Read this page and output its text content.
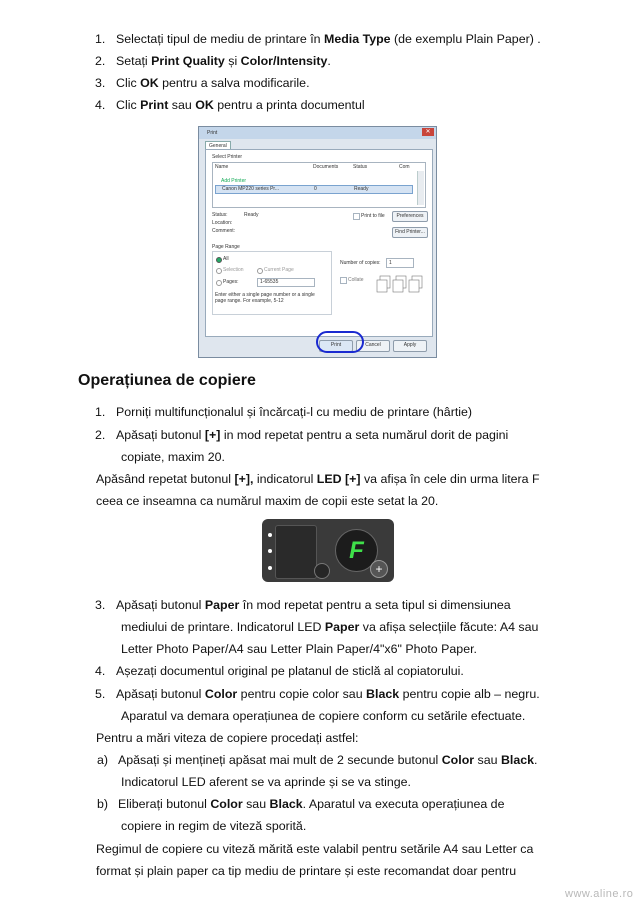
1. Selectați tipul de mediu de printare în Media Type (de exemplu Plain Paper) .
2. Setați Print Quality și Color/Intensity.
3. Clic OK pentru a salva modificarile.
4. Clic Print sau OK pentru a printa documentul
Print	✕
General
Select Printer
Name	Documents	Status	Com
Add Printer
Canon MP220 series Pr...	0	Ready
Status:	Ready
Location:
Comment:
Print to file	Preferences
Find Printer...
Page Range
All
Selection	Current Page
Pages:	1-65535
Enter either a single page number or a single page range. For example, 5-12
Number of copies: 1
Collate
Print	Cancel	Apply
Operațiunea de copiere
1. Porniți multifuncționalul și încărcați-l cu mediu de printare (hârtie)
2. Apăsați butonul [+] in mod repetat pentru a seta numărul dorit de pagini
copiate, maxim 20.
Apăsând repetat butonul [+], indicatorul LED [+] va afișa în cele din urma litera F
ceea ce inseamna ca numărul maxim de copii este setat la 20.
F
+
3. Apăsați butonul Paper în mod repetat pentru a seta tipul si dimensiunea
mediului de printare. Indicatorul LED Paper va afișa selecțiile făcute: A4 sau
Letter Photo Paper/A4 sau Letter Plain Paper/4"x6" Photo Paper.
4. Așezați documentul original pe platanul de sticlă al copiatorului.
5. Apăsați butonul Color pentru copie color sau Black pentru copie alb – negru.
Aparatul va demara operațiunea de copiere conform cu setările efectuate.
Pentru a mări viteza de copiere procedați astfel:
a) Apăsați și mențineți apăsat mai mult de 2 secunde butonul Color sau Black.
Indicatorul LED aferent se va aprinde și se va stinge.
b) Eliberați butonul Color sau Black. Aparatul va executa operațiunea de
copiere in regim de viteză sporită.
Regimul de copiere cu viteză mărită este valabil pentru setările A4 sau Letter ca
format și plain paper ca tip mediu de printare și este recomandat doar pentru
www.aline.ro
